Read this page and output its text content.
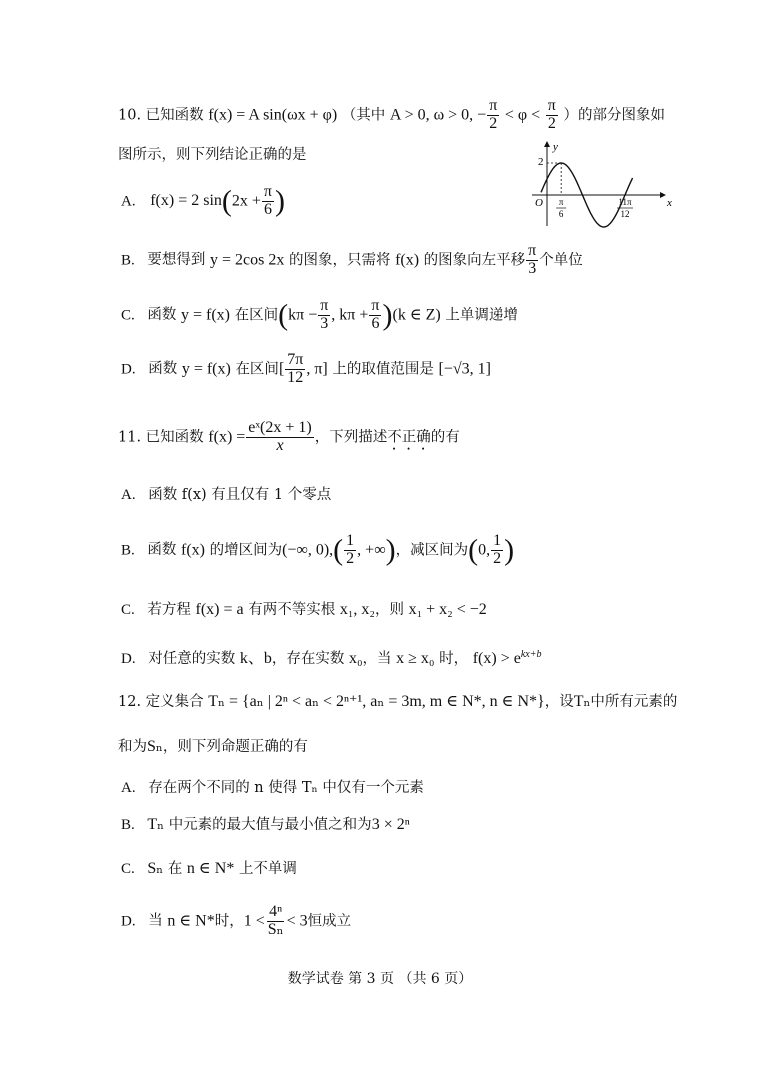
10. 已知函数 f(x) = A sin(ωx + φ) （其中 A > 0, ω > 0, − $\frac{\pi}{2} < \varphi < \frac{\pi}{2}$ ）的部分图象如
图所示，则下列结论正确的是
A. f(x) = 2 $\sin(2x + \frac{\pi}{6}$ )
B. 要想得到 y = 2cos 2x 的图象，只需将 f(x) 的图象向左平移 $\frac{\pi}{3}$ 个单位
C. 函数 y = f(x) 在区间($k\pi - \frac{\pi}{3}$ , $k\pi + \frac{\pi}{6} )(k$ ∈ Z) 上单调递增
D. 函数 y = f(x) 在区间[ $\frac{7\pi}{12}$ , π] 上的取值范围是 [−√3, 1]
y
x
O
2
π
6
11π
12
11. 已知函数 $f(x) = \frac{\text{eˣ(2x + 1)}}{x}$ ，下列描述不正确的有
A. 函数 f(x) 有且仅有 1 个零点
B. 函数 f(x) 的增区间为(−∞, $0),( \frac{1}{2}$ , +∞)，减区间为(0, $\frac{1}{2}$ )
C. 若方程 f(x) = a 有两不等实根 x₁, x₂，则 x₁ + x₂ < −2
D. 对任意的实数 k、b，存在实数 x₀，当 x ≥ x₀ 时， $f(x) > e^{kx+b}$
12. 定义集合 Tₙ = {aₙ | 2ⁿ < aₙ < 2ⁿ⁺¹, aₙ = 3m, m ∈ N*, n ∈ N*}，设Tₙ中所有元素的
和为Sₙ，则下列命题正确的有
A. 存在两个不同的 n 使得 Tₙ 中仅有一个元素
B. Tₙ 中元素的最大值与最小值之和为3 × 2ⁿ
C. Sₙ 在 n ∈ N* 上不单调
D. 当 n ∈ N*时，$1 < \frac{\text{4ⁿ}}{\text{Sₙ}} < 3$恒成立
数学试卷 第 3 页 （共 6 页）
